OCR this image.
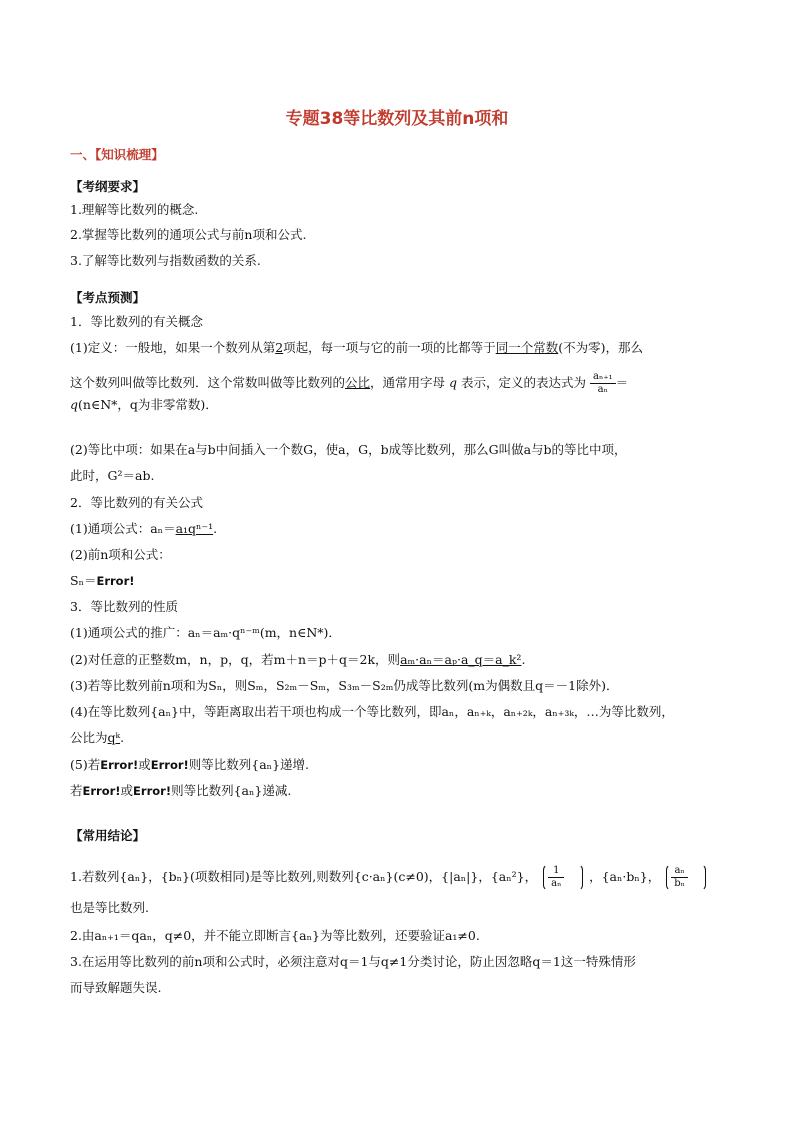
专题38等比数列及其前n项和
一、【知识梳理】
【考纲要求】
1.理解等比数列的概念.
2.掌握等比数列的通项公式与前n项和公式.
3.了解等比数列与指数函数的关系.
【考点预测】
1．等比数列的有关概念
(1)定义：一般地，如果一个数列从第2项起，每一项与它的前一项的比都等于同一个常数(不为零)，那么
这个数列叫做等比数列．这个常数叫做等比数列的公比，通常用字母 q 表示，定义的表达式为 $\frac{\text{aₙ₊₁}}{\text{aₙ}}$ ＝
q(n∈N*，q为非零常数)．
(2)等比中项：如果在a与b中间插入一个数G，使a，G，b成等比数列，那么G叫做a与b的等比中项，
此时，G²＝ab.
2．等比数列的有关公式
(1)通项公式：aₙ＝a₁qⁿ⁻¹.
(2)前n项和公式：
Sₙ＝Error!
3．等比数列的性质
(1)通项公式的推广：aₙ＝aₘ·qⁿ⁻ᵐ(m，n∈N*)．
(2)对任意的正整数m，n，p，q，若m＋n＝p＋q＝2k，则aₘ·aₙ＝aₚ·a_q＝a_k².
(3)若等比数列前n项和为Sₙ，则Sₘ，S₂ₘ－Sₘ，S₃ₘ－S₂ₘ仍成等比数列(m为偶数且q＝－1除外)．
(4)在等比数列{aₙ}中，等距离取出若干项也构成一个等比数列，即aₙ，aₙ₊ₖ，aₙ₊₂ₖ，aₙ₊₃ₖ，…为等比数列，
公比为qᵏ.
(5)若Error!或Error!则等比数列{aₙ}递增.
若Error!或Error!则等比数列{aₙ}递减.
【常用结论】
1.若数列{aₙ}，{bₙ}(项数相同)是等比数列,则数列{c·aₙ}(c≠0)，{|aₙ|}，{aₙ²}， $\frac{1}{\text{aₙ}}$ ，{aₙ·bₙ}， $\frac{\text{aₙ}}{\text{bₙ}}$
也是等比数列.
2.由aₙ₊₁＝qaₙ，q≠0，并不能立即断言{aₙ}为等比数列，还要验证a₁≠0.
3.在运用等比数列的前n项和公式时，必须注意对q＝1与q≠1分类讨论，防止因忽略q＝1这一特殊情形
而导致解题失误.
